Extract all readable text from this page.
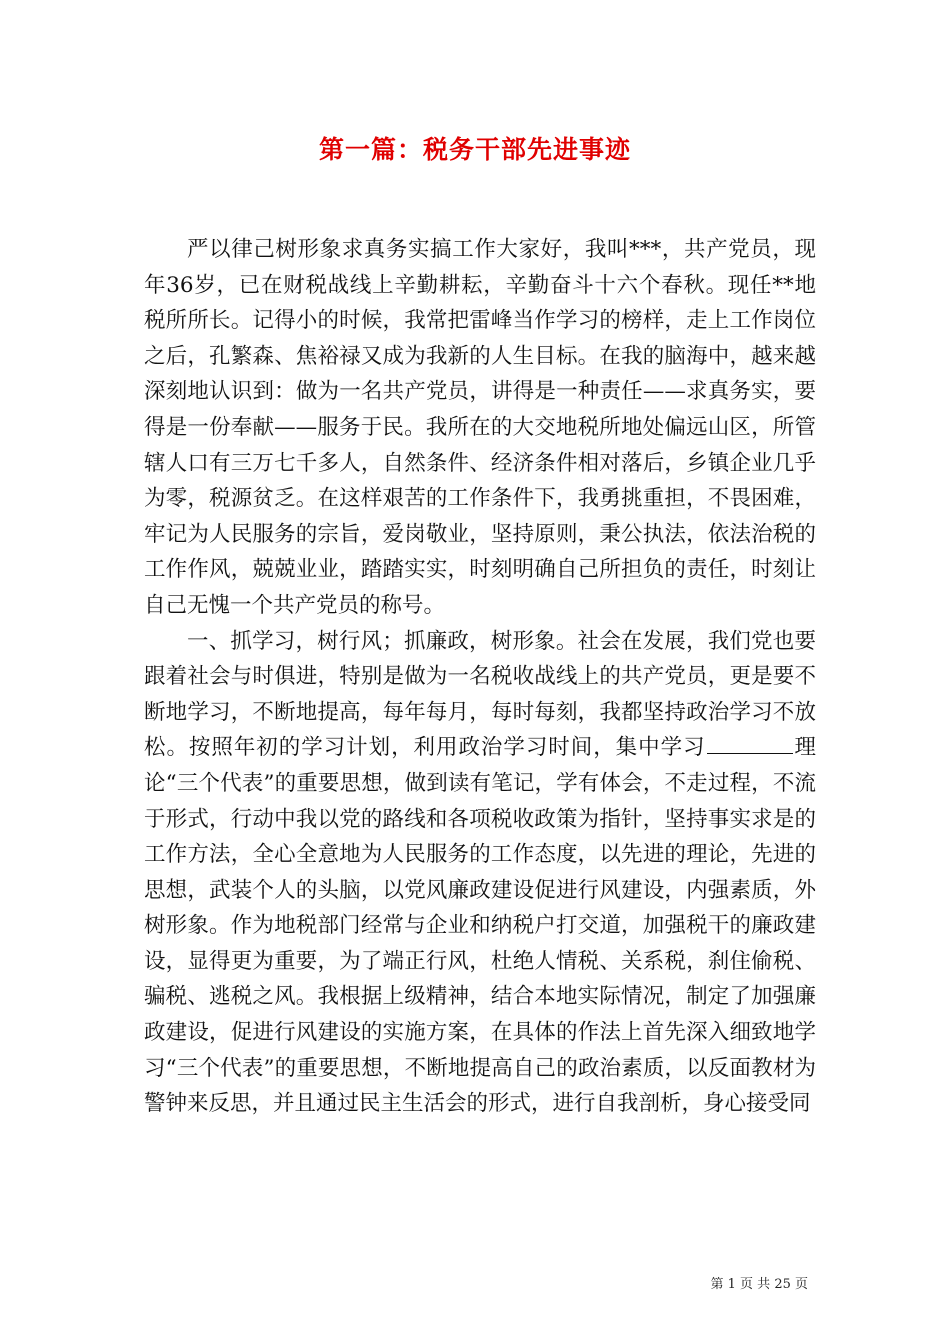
第一篇：税务干部先进事迹

严以律己树形象求真务实搞工作大家好，我叫***，共产党员，现年36岁，已在财税战线上辛勤耕耘，辛勤奋斗十六个春秋。现任**地税所所长。记得小的时候，我常把雷峰当作学习的榜样，走上工作岗位之后，孔繁森、焦裕禄又成为我新的人生目标。在我的脑海中，越来越深刻地认识到：做为一名共产党员，讲得是一种责任——求真务实，要得是一份奉献——服务于民。我所在的大交地税所地处偏远山区，所管辖人口有三万七千多人，自然条件、经济条件相对落后，乡镇企业几乎为零，税源贫乏。在这样艰苦的工作条件下，我勇挑重担，不畏困难，牢记为人民服务的宗旨，爱岗敬业，坚持原则，秉公执法，依法治税的工作作风，兢兢业业，踏踏实实，时刻明确自己所担负的责任，时刻让自己无愧一个共产党员的称号。

一、抓学习，树行风；抓廉政，树形象。社会在发展，我们党也要跟着社会与时俱进，特别是做为一名税收战线上的共产党员，更是要不断地学习，不断地提高，每年每月，每时每刻，我都坚持政治学习不放松。按照年初的学习计划，利用政治学习时间，集中学习	理论“三个代表”的重要思想，做到读有笔记，学有体会，不走过程，不流于形式，行动中我以党的路线和各项税收政策为指针，坚持事实求是的工作方法，全心全意地为人民服务的工作态度，以先进的理论，先进的思想，武装个人的头脑，以党风廉政建设促进行风建设，内强素质，外树形象。作为地税部门经常与企业和纳税户打交道，加强税干的廉政建设，显得更为重要，为了端正行风，杜绝人情税、关系税，刹住偷税、骗税、逃税之风。我根据上级精神，结合本地实际情况，制定了加强廉政建设，促进行风建设的实施方案，在具体的作法上首先深入细致地学习“三个代表”的重要思想，不断地提高自己的政治素质，以反面教材为警钟来反思，并且通过民主生活会的形式，进行自我剖析，身心接受同

第 1 页 共 25 页
